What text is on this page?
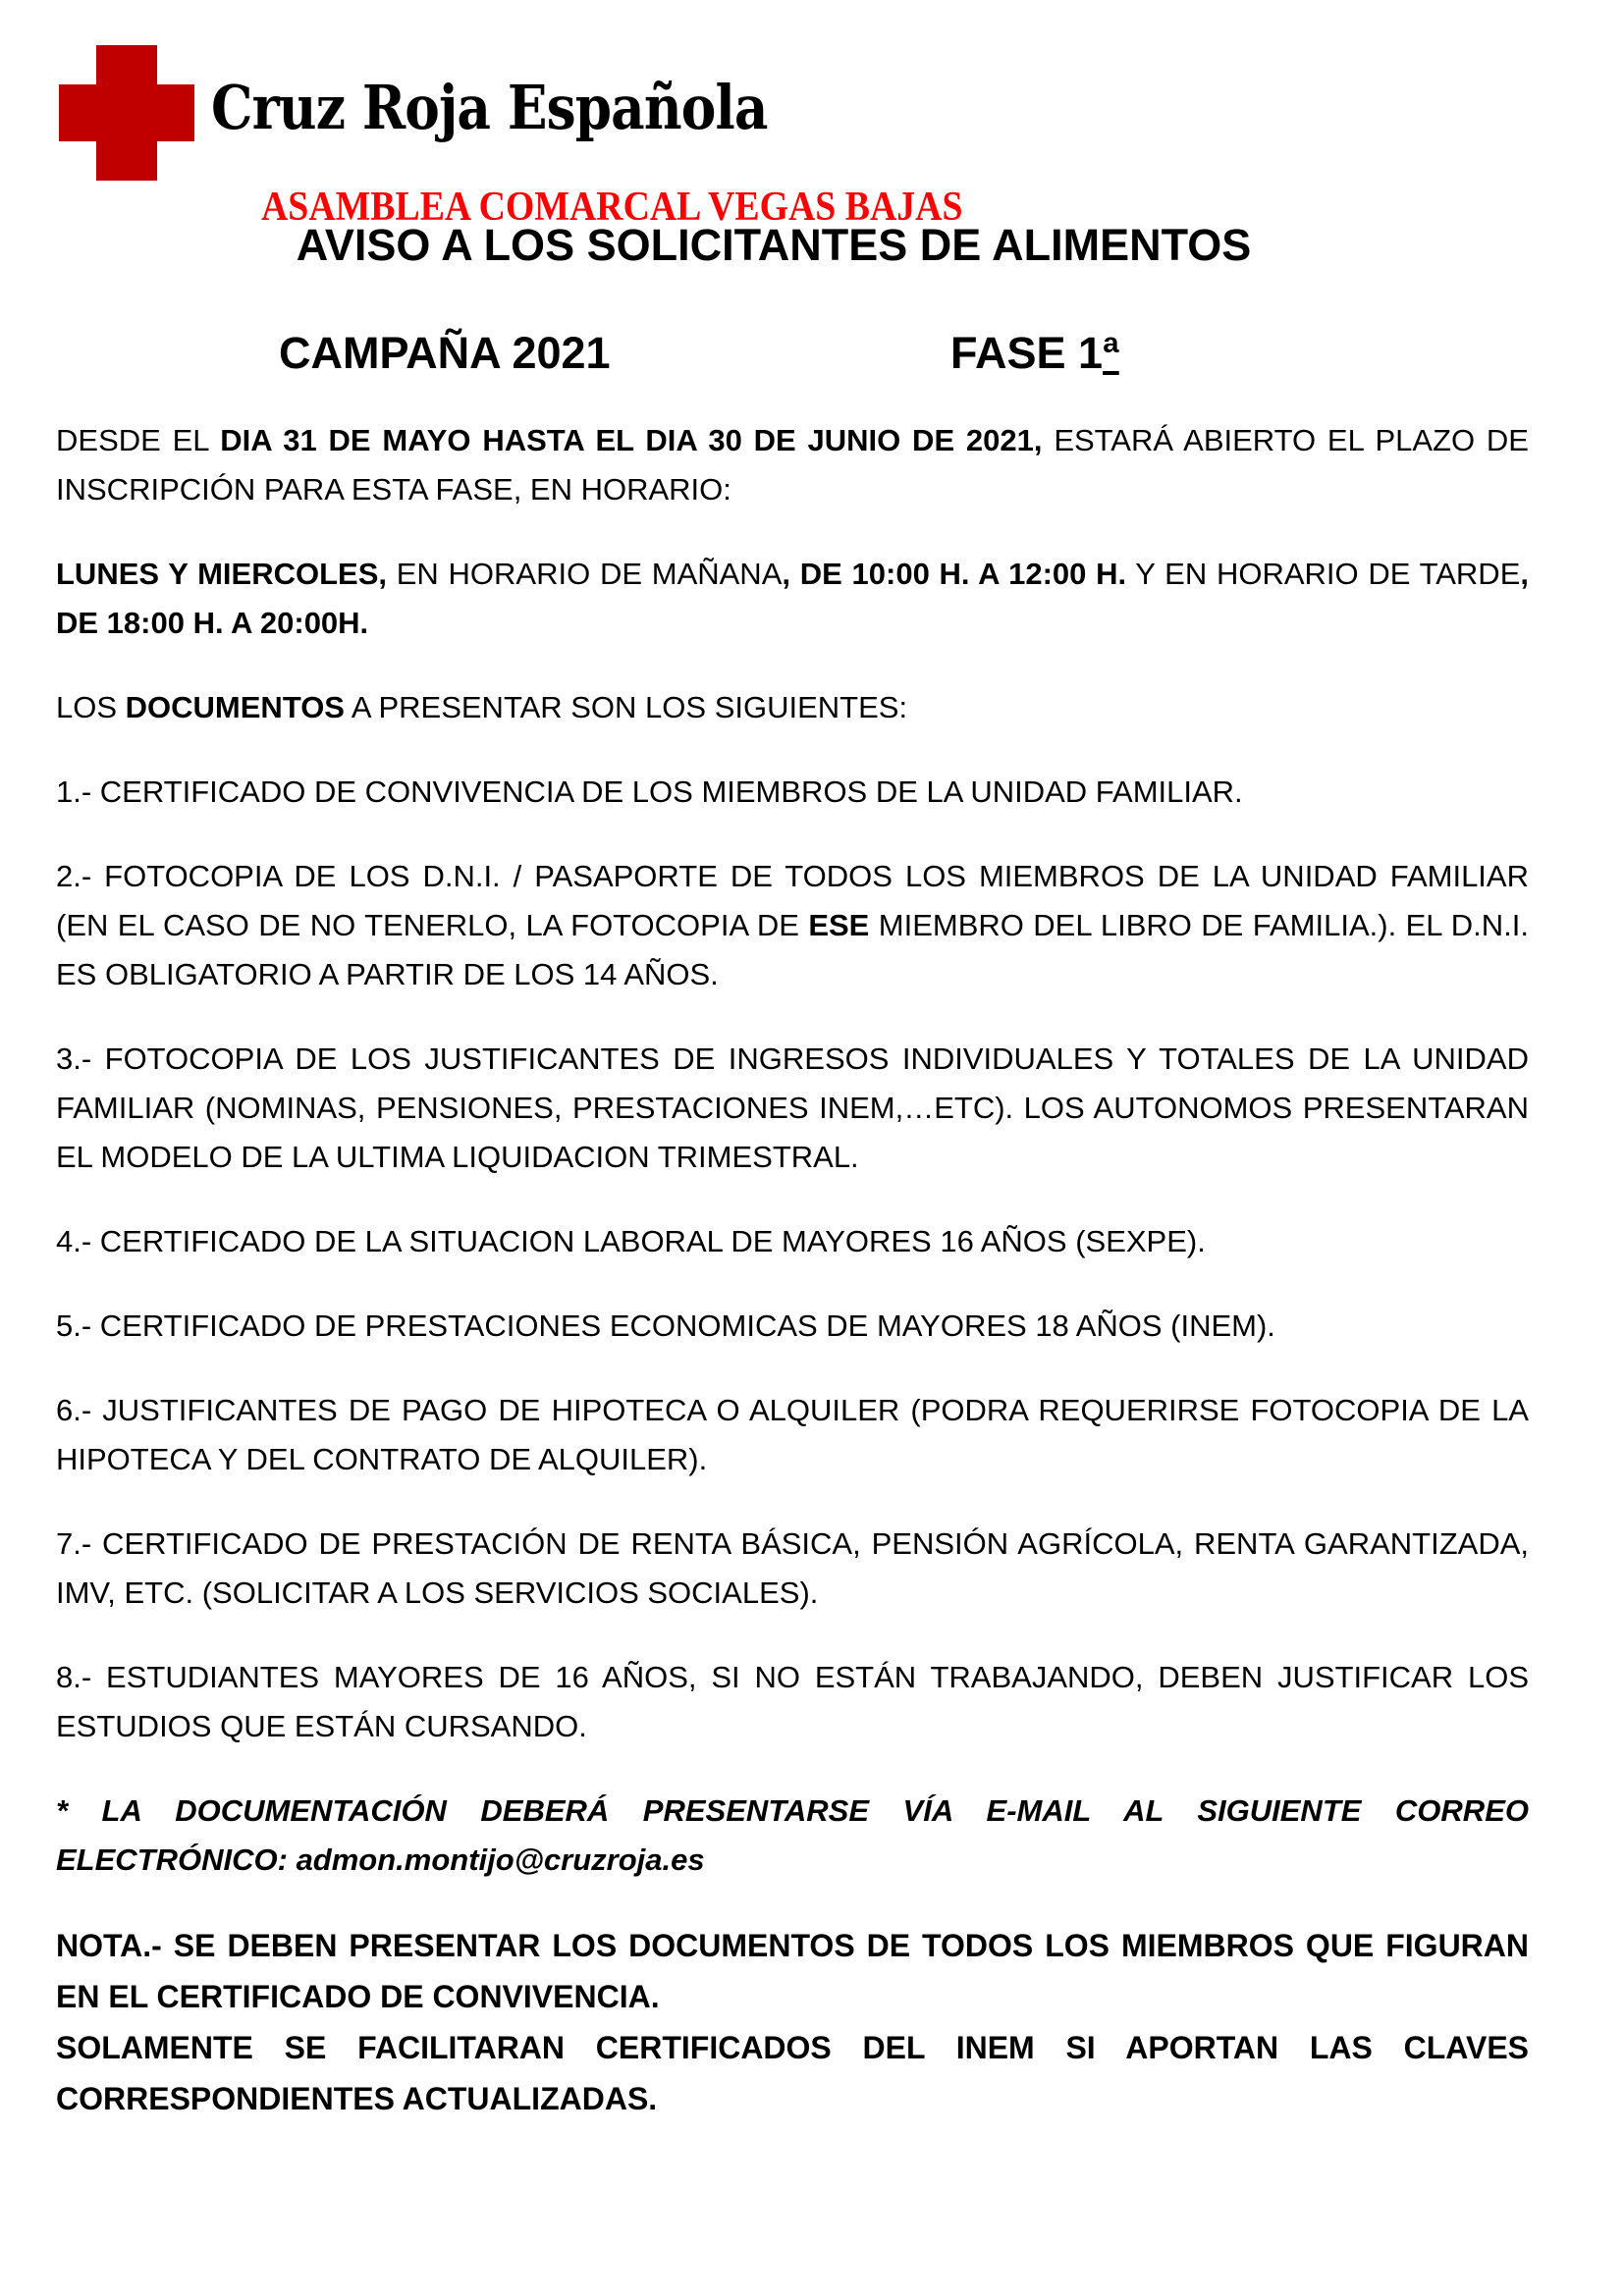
Cruz Roja Española
ASAMBLEA COMARCAL VEGAS BAJAS
AVISO A LOS SOLICITANTES DE ALIMENTOS
CAMPAÑA 2021	FASE 1ª

DESDE EL DIA 31 DE MAYO HASTA EL DIA 30 DE JUNIO DE 2021, ESTARÁ ABIERTO EL PLAZO DE INSCRIPCIÓN PARA ESTA FASE, EN HORARIO:

LUNES Y MIERCOLES, EN HORARIO DE MAÑANA, DE 10:00 H. A 12:00 H. Y EN HORARIO DE TARDE, DE 18:00 H. A 20:00H.

LOS DOCUMENTOS A PRESENTAR SON LOS SIGUIENTES:

1.- CERTIFICADO DE CONVIVENCIA DE LOS MIEMBROS DE LA UNIDAD FAMILIAR.

2.- FOTOCOPIA DE LOS D.N.I. / PASAPORTE DE TODOS LOS MIEMBROS DE LA UNIDAD FAMILIAR (EN EL CASO DE NO TENERLO, LA FOTOCOPIA DE ESE MIEMBRO DEL LIBRO DE FAMILIA.). EL D.N.I. ES OBLIGATORIO A PARTIR DE LOS 14 AÑOS.

3.- FOTOCOPIA DE LOS JUSTIFICANTES DE INGRESOS INDIVIDUALES Y TOTALES DE LA UNIDAD FAMILIAR (NOMINAS, PENSIONES, PRESTACIONES INEM,…ETC). LOS AUTONOMOS PRESENTARAN EL MODELO DE LA ULTIMA LIQUIDACION TRIMESTRAL.

4.- CERTIFICADO DE LA SITUACION LABORAL DE MAYORES 16 AÑOS (SEXPE).

5.- CERTIFICADO DE PRESTACIONES ECONOMICAS DE MAYORES 18 AÑOS (INEM).

6.- JUSTIFICANTES DE PAGO DE HIPOTECA O ALQUILER (PODRA REQUERIRSE FOTOCOPIA DE LA HIPOTECA Y DEL CONTRATO DE ALQUILER).

7.- CERTIFICADO DE PRESTACIÓN DE RENTA BÁSICA, PENSIÓN AGRÍCOLA, RENTA GARANTIZADA, IMV, ETC. (SOLICITAR A LOS SERVICIOS SOCIALES).

8.- ESTUDIANTES MAYORES DE 16 AÑOS, SI NO ESTÁN TRABAJANDO, DEBEN JUSTIFICAR LOS ESTUDIOS QUE ESTÁN CURSANDO.

* LA DOCUMENTACIÓN DEBERÁ PRESENTARSE VÍA E-MAIL AL SIGUIENTE CORREO ELECTRÓNICO: admon.montijo@cruzroja.es

NOTA.- SE DEBEN PRESENTAR LOS DOCUMENTOS DE TODOS LOS MIEMBROS QUE FIGURAN EN EL CERTIFICADO DE CONVIVENCIA.

SOLAMENTE SE FACILITARAN CERTIFICADOS DEL INEM SI APORTAN LAS CLAVES CORRESPONDIENTES ACTUALIZADAS.
